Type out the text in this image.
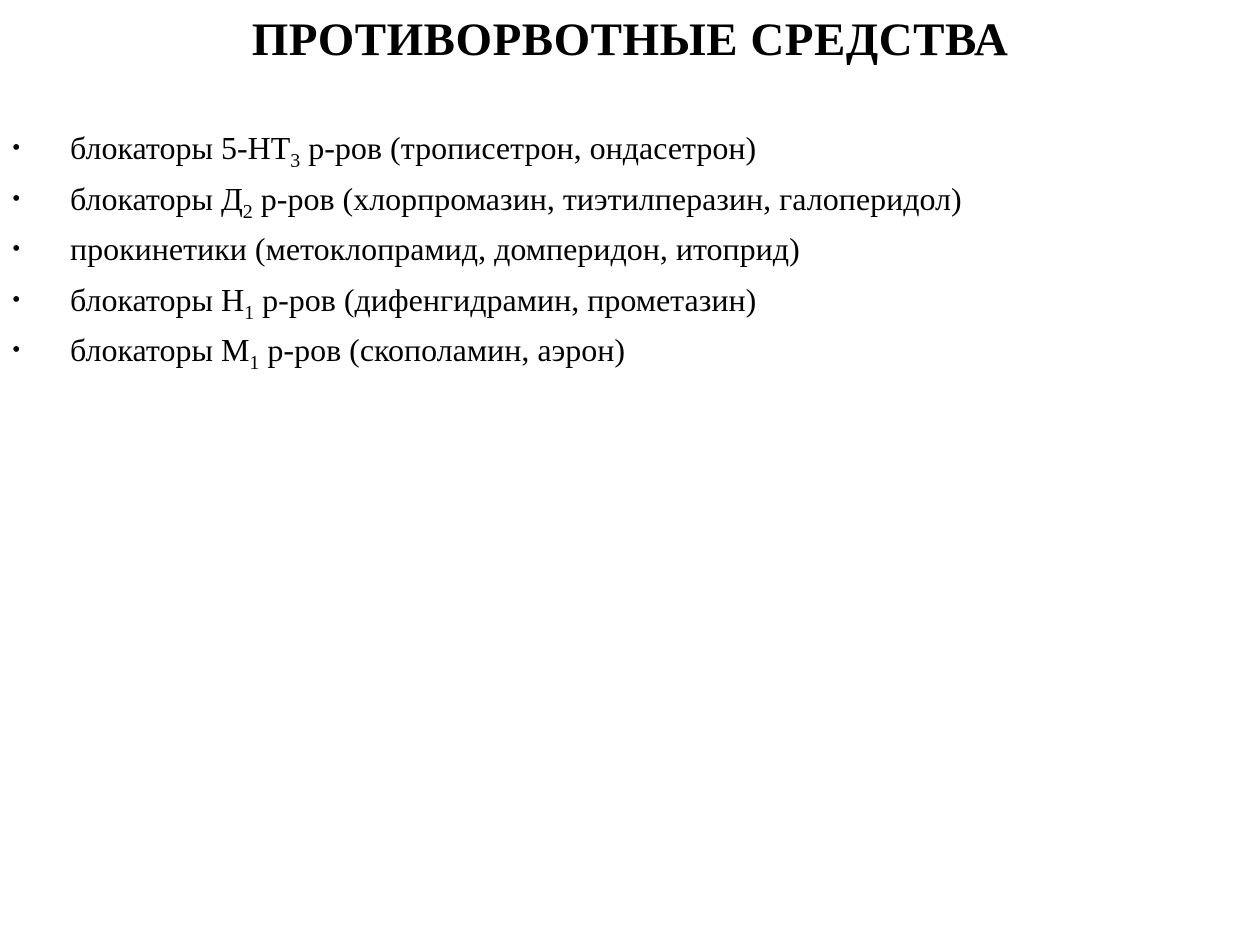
ПРОТИВОРВОТНЫЕ СРЕДСТВА
• блокаторы $5-НТ_3$ р-ров (трописетрон, ондасетрон)
• блокаторы $Д_2$ р-ров (хлорпромазин, тиэтилперазин, галоперидол)
• прокинетики (метоклопрамид, домперидон, итоприд)
• блокаторы $Н_1$ р-ров (дифенгидрамин, прометазин)
• блокаторы $М_1$ р-ров (скополамин, аэрон)
